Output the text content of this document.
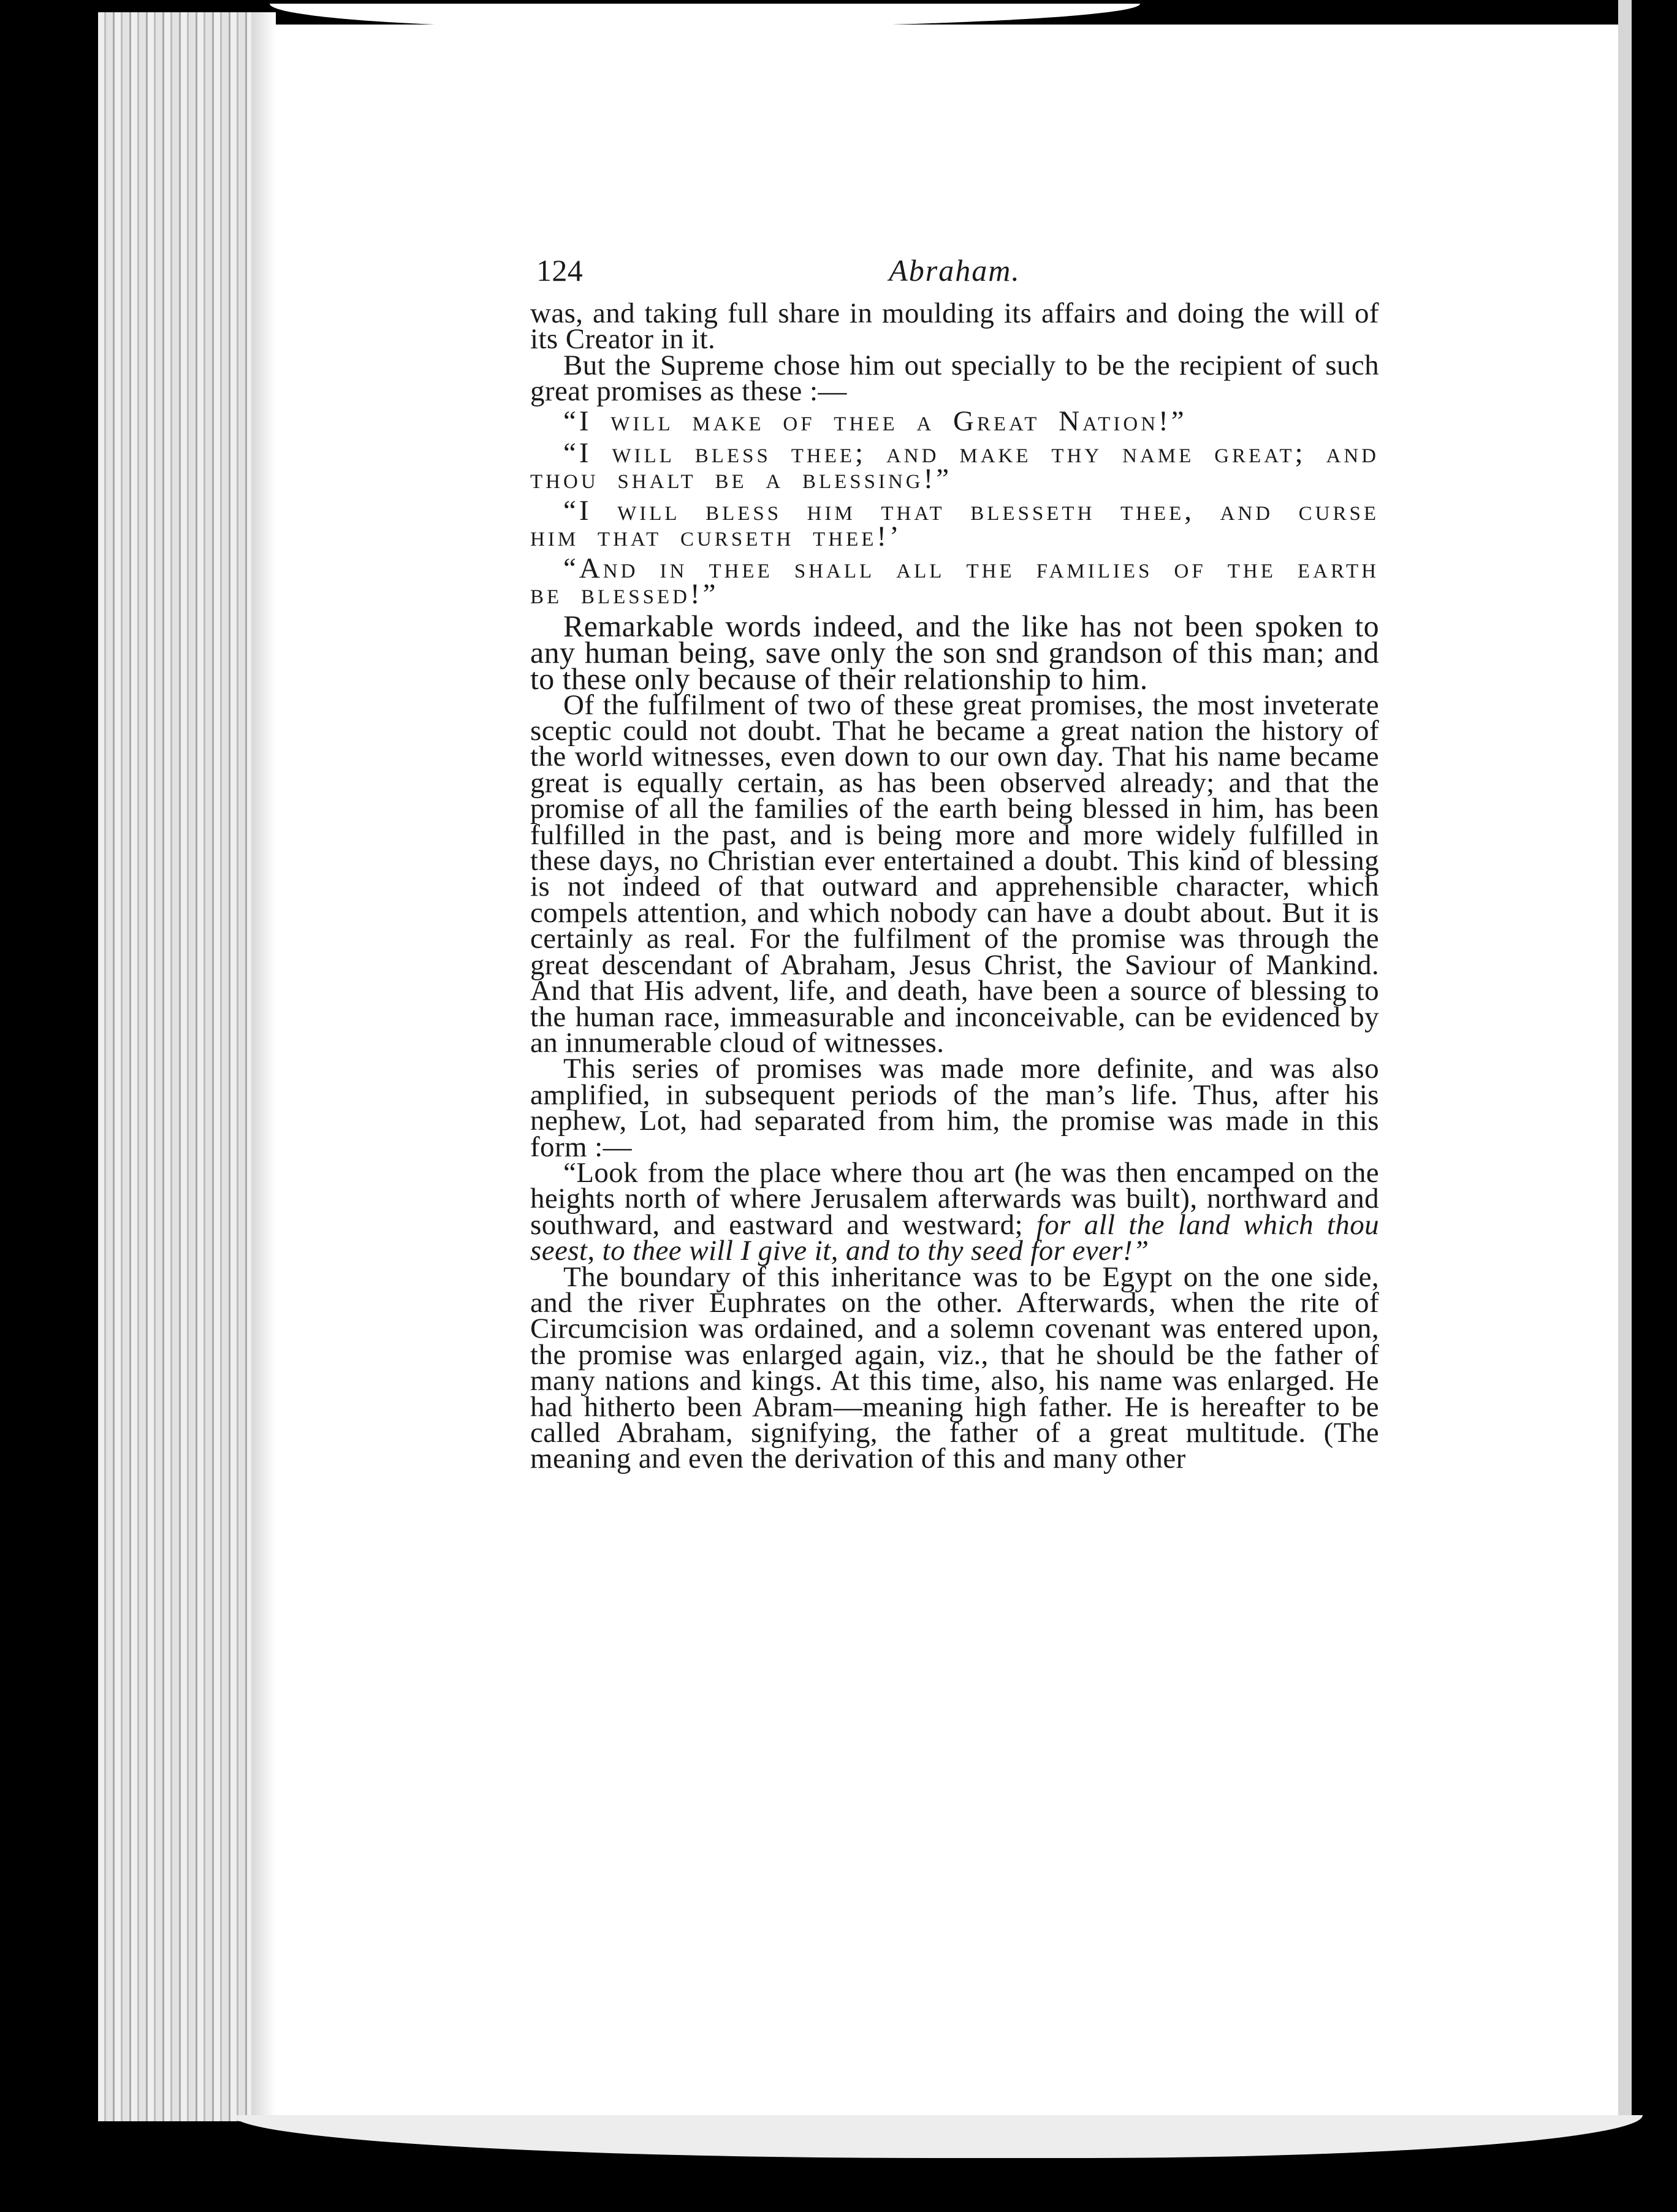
124	Abraham.

was, and taking full share in moulding its affairs and doing the will of its Creator in it.

But the Supreme chose him out specially to be the recipient of such great promises as these :—

“I will make of thee a Great Nation!”

“I will bless thee; and make thy name great; and thou shalt be a blessing!”

“I will bless him that blesseth thee, and curse him that curseth thee!’

“And in thee shall all the families of the earth be blessed!”

Remarkable words indeed, and the like has not been spoken to any human being, save only the son snd grandson of this man; and to these only because of their relationship to him.

Of the fulfilment of two of these great promises, the most inveterate sceptic could not doubt. That he became a great nation the history of the world witnesses, even down to our own day. That his name became great is equally certain, as has been observed already; and that the promise of all the families of the earth being blessed in him, has been fulfilled in the past, and is being more and more widely fulfilled in these days, no Christian ever entertained a doubt. This kind of blessing is not indeed of that outward and apprehensible character, which compels attention, and which nobody can have a doubt about. But it is certainly as real. For the fulfilment of the promise was through the great descendant of Abraham, Jesus Christ, the Saviour of Mankind. And that His advent, life, and death, have been a source of blessing to the human race, immeasurable and inconceivable, can be evidenced by an innumerable cloud of witnesses.

This series of promises was made more definite, and was also amplified, in subsequent periods of the man’s life. Thus, after his nephew, Lot, had separated from him, the promise was made in this form :—

“Look from the place where thou art (he was then encamped on the heights north of where Jerusalem afterwards was built), northward and southward, and eastward and westward; for all the land which thou seest, to thee will I give it, and to thy seed for ever!”

The boundary of this inheritance was to be Egypt on the one side, and the river Euphrates on the other. Afterwards, when the rite of Circumcision was ordained, and a solemn covenant was entered upon, the promise was enlarged again, viz., that he should be the father of many nations and kings. At this time, also, his name was enlarged. He had hitherto been Abram—meaning high father. He is hereafter to be called Abraham, signifying, the father of a great multitude. (The meaning and even the derivation of this and many other
